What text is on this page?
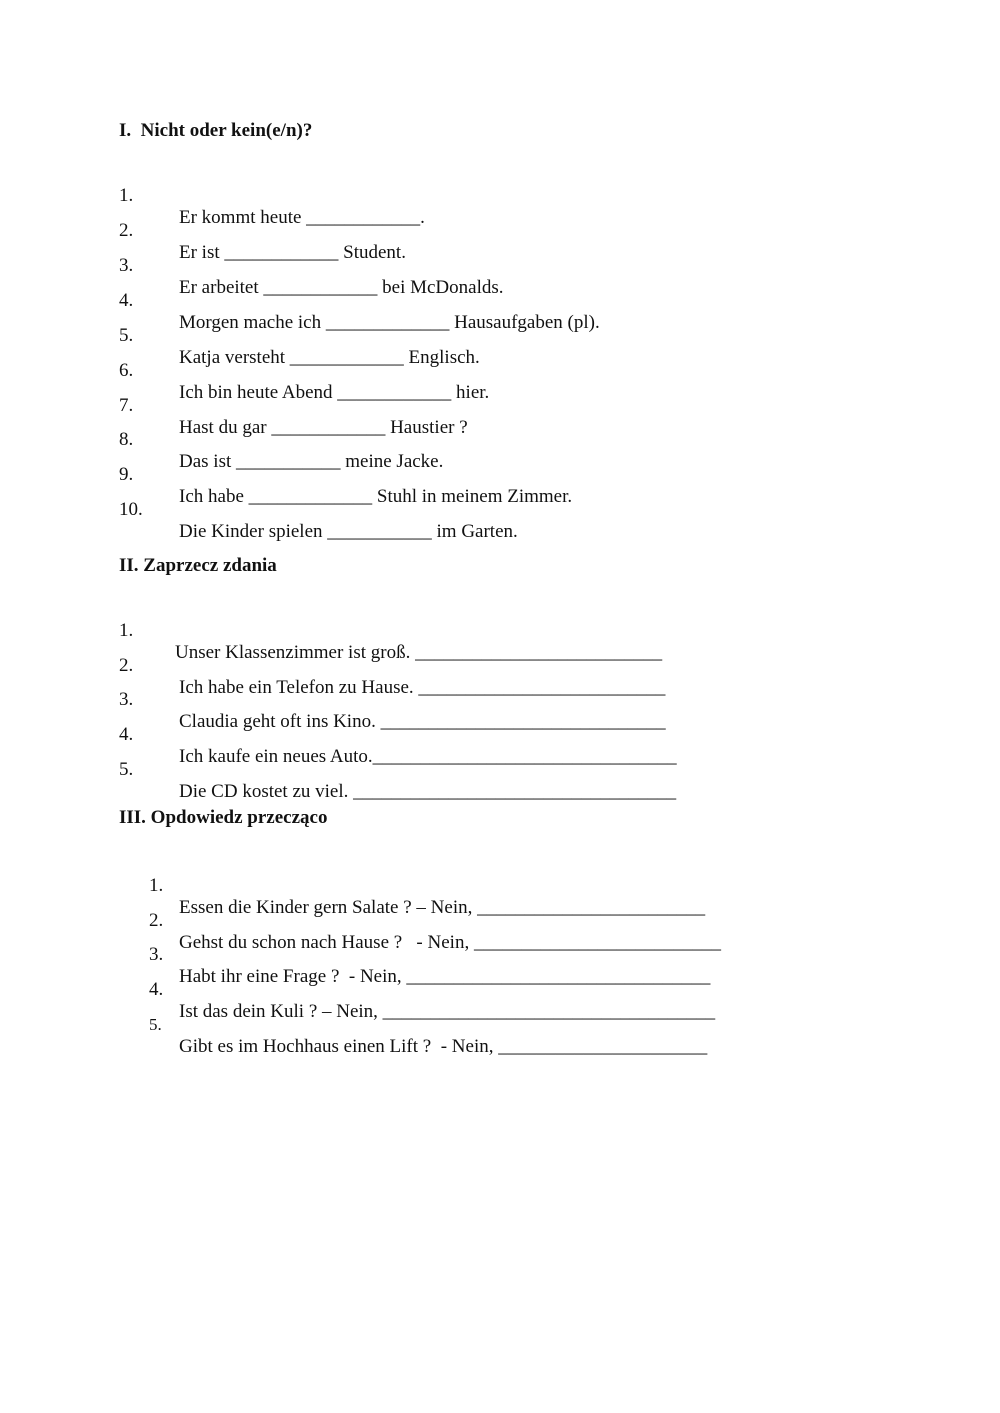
I.  Nicht oder kein(e/n)?

1.

Er kommt heute ____________.

2.

Er ist ____________ Student.

3.

Er arbeitet ____________ bei McDonalds.

4.

Morgen mache ich _____________ Hausaufgaben (pl).

5.

Katja versteht ____________ Englisch.

6.

Ich bin heute Abend ____________ hier.

7.

Hast du gar ____________ Haustier ?

8.

Das ist ___________ meine Jacke.

9.

Ich habe _____________ Stuhl in meinem Zimmer.

10.

Die Kinder spielen ___________ im Garten.

II. Zaprzecz zdania

1.

Unser Klassenzimmer ist groß. __________________________

2.

Ich habe ein Telefon zu Hause. __________________________

3.

Claudia geht oft ins Kino. ______________________________

4.

Ich kaufe ein neues Auto.________________________________

5.

Die CD kostet zu viel. __________________________________

III. Opdowiedz przecząco

1.

Essen die Kinder gern Salate ? – Nein, ________________________

2.

Gehst du schon nach Hause ?   - Nein, __________________________

3.

Habt ihr eine Frage ?  - Nein, ________________________________

4.

Ist das dein Kuli ? – Nein, ___________________________________

5.

Gibt es im Hochhaus einen Lift ?  - Nein, ______________________
